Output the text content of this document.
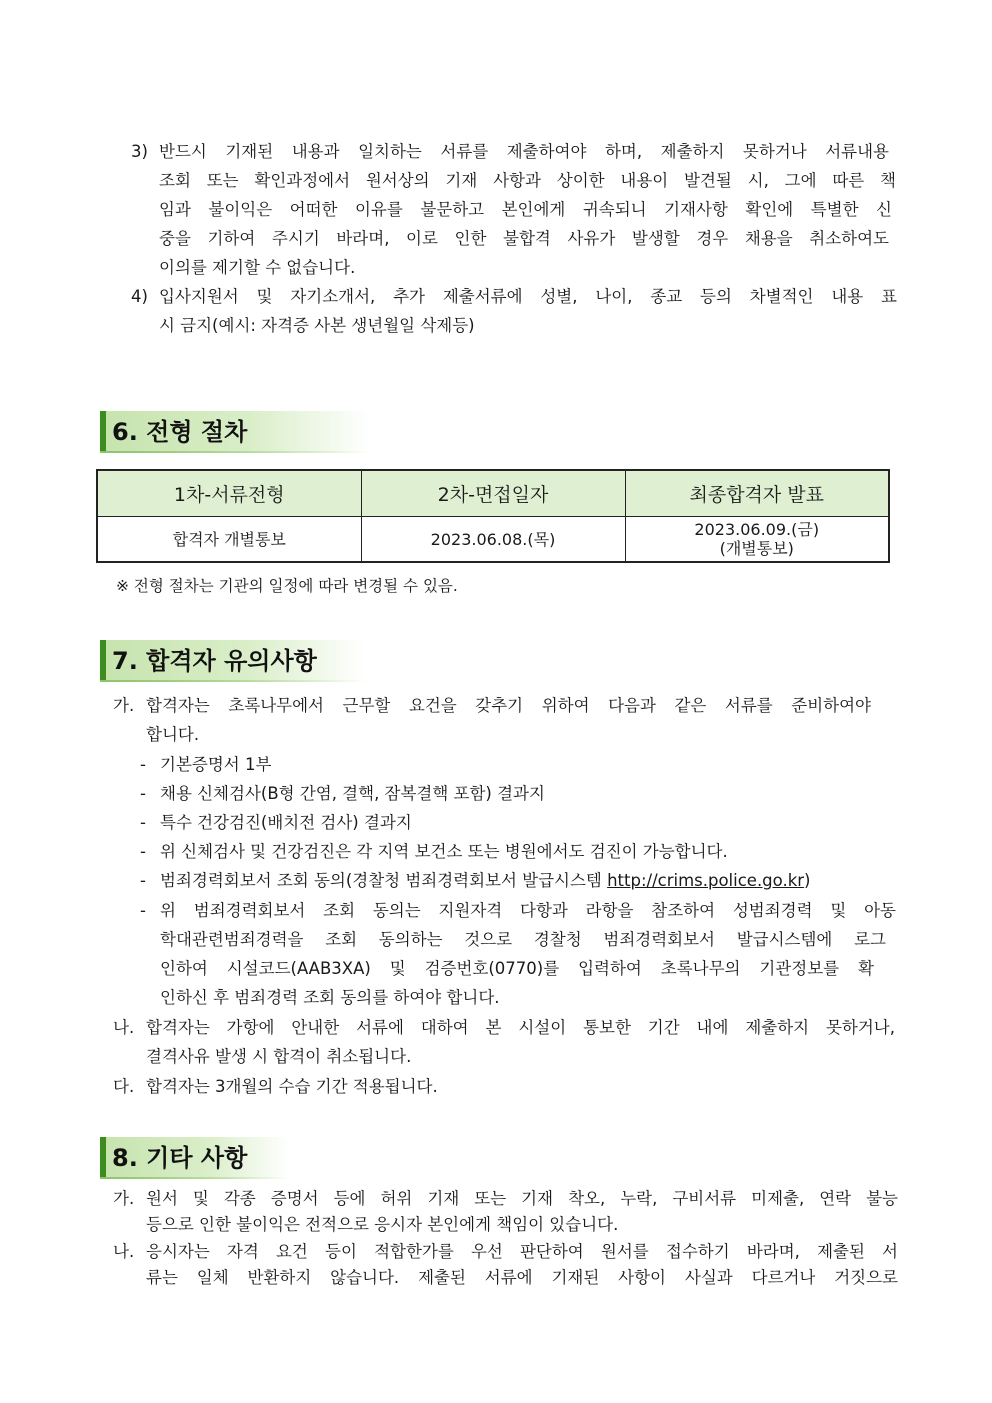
3) 반드시 기재된 내용과 일치하는 서류를 제출하여야 하며, 제출하지 못하거나 서류내용
조회 또는 확인과정에서 원서상의 기재 사항과 상이한 내용이 발견될 시, 그에 따른 책
임과 불이익은 어떠한 이유를 불문하고 본인에게 귀속되니 기재사항 확인에 특별한 신
중을 기하여 주시기 바라며, 이로 인한 불합격 사유가 발생할 경우 채용을 취소하여도
이의를 제기할 수 없습니다.
4) 입사지원서 및 자기소개서, 추가 제출서류에 성별, 나이, 종교 등의 차별적인 내용 표
시 금지(예시: 자격증 사본 생년월일 삭제등)
6. 전형 절차
1차-서류전형	2차-면접일자	최종합격자 발표
합격자 개별통보	2023.06.08.(목)	2023.06.09.(금)
(개별통보)
※ 전형 절차는 기관의 일정에 따라 변경될 수 있음.
7. 합격자 유의사항
가. 합격자는 초록나무에서 근무할 요건을 갖추기 위하여 다음과 같은 서류를 준비하여야
합니다.
- 기본증명서 1부
- 채용 신체검사(B형 간염, 결핵, 잠복결핵 포함) 결과지
- 특수 건강검진(배치전 검사) 결과지
- 위 신체검사 및 건강검진은 각 지역 보건소 또는 병원에서도 검진이 가능합니다.
- 범죄경력회보서 조회 동의(경찰청 범죄경력회보서 발급시스템 http://crims.police.go.kr)
- 위 범죄경력회보서 조회 동의는 지원자격 다항과 라항을 참조하여 성범죄경력 및 아동
학대관련범죄경력을 조회 동의하는 것으로 경찰청 범죄경력회보서 발급시스템에 로그
인하여 시설코드(AAB3XA) 및 검증번호(0770)를 입력하여 초록나무의 기관정보를 확
인하신 후 범죄경력 조회 동의를 하여야 합니다.
나. 합격자는 가항에 안내한 서류에 대하여 본 시설이 통보한 기간 내에 제출하지 못하거나,
결격사유 발생 시 합격이 취소됩니다.
다. 합격자는 3개월의 수습 기간 적용됩니다.
8. 기타 사항
가. 원서 및 각종 증명서 등에 허위 기재 또는 기재 착오, 누락, 구비서류 미제출, 연락 불능
등으로 인한 불이익은 전적으로 응시자 본인에게 책임이 있습니다.
나. 응시자는 자격 요건 등이 적합한가를 우선 판단하여 원서를 접수하기 바라며, 제출된 서
류는 일체 반환하지 않습니다. 제출된 서류에 기재된 사항이 사실과 다르거나 거짓으로
